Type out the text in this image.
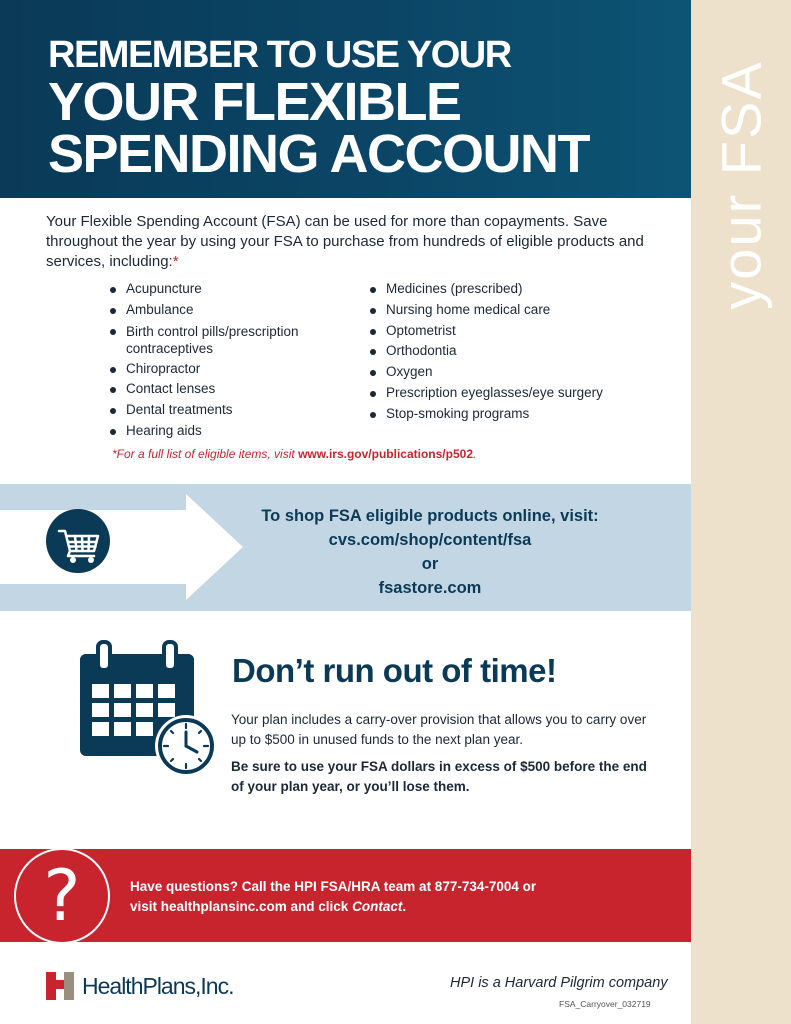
your FSA
REMEMBER TO USE YOUR
YOUR FLEXIBLE
SPENDING ACCOUNT

Your Flexible Spending Account (FSA) can be used for more than copayments. Save throughout the year by using your FSA to purchase from hundreds of eligible products and services, including:*

Acupuncture
Ambulance
Birth control pills/prescription contraceptives
Chiropractor
Contact lenses
Dental treatments
Hearing aids
Medicines (prescribed)
Nursing home medical care
Optometrist
Orthodontia
Oxygen
Prescription eyeglasses/eye surgery
Stop-smoking programs

*For a full list of eligible items, visit www.irs.gov/publications/p502.

To shop FSA eligible products online, visit:
cvs.com/shop/content/fsa
or
fsastore.com
Don’t run out of time!

Your plan includes a carry-over provision that allows you to carry over up to $500 in unused funds to the next plan year.

Be sure to use your FSA dollars in excess of $500 before the end of your plan year, or you’ll lose them.

?	Have questions? Call the HPI FSA/HRA team at 877-734-7004 or
visit healthplansinc.com and click Contact.
HealthPlans,Inc.	HPI is a Harvard Pilgrim company
FSA_Carryover_032719
